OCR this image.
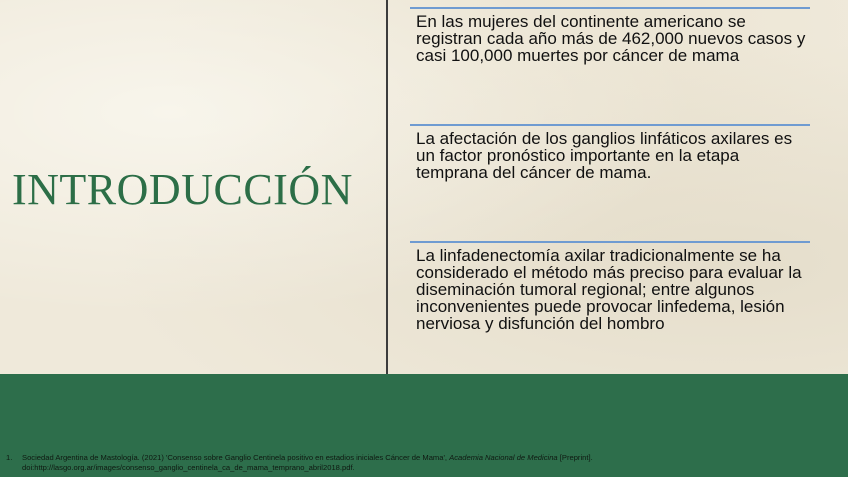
INTRODUCCIÓN

En las mujeres del continente americano se registran cada año más de 462,000 nuevos casos y casi 100,000 muertes por cáncer de mama

La afectación de los ganglios linfáticos axilares es un factor pronóstico importante en la etapa temprana del cáncer de mama.

La linfadenectomía axilar tradicionalmente se ha considerado el método más preciso para evaluar la diseminación tumoral regional; entre algunos inconvenientes puede provocar linfedema, lesión nerviosa y disfunción del hombro

1. Sociedad Argentina de Mastología. (2021) 'Consenso sobre Ganglio Centinela positivo en estadios iniciales Cáncer de Mama', Academia Nacional de Medicina [Preprint].
doi:http://lasgo.org.ar/images/consenso_ganglio_centinela_ca_de_mama_temprano_abril2018.pdf.
